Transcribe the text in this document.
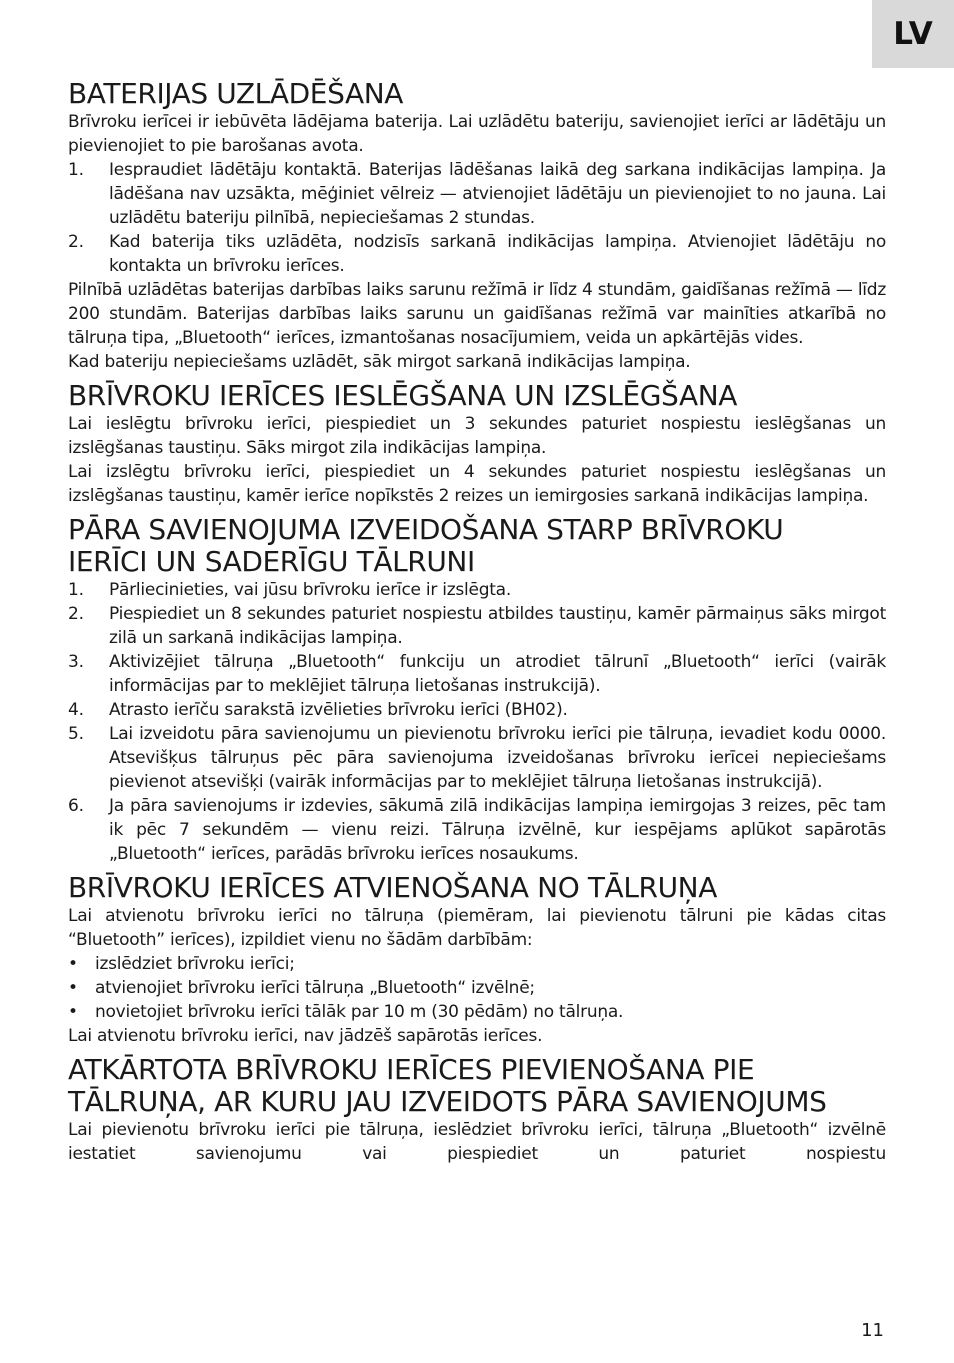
LV
BATERIJAS UZLĀDĒŠANA

Brīvroku ierīcei ir iebūvēta lādējama baterija. Lai uzlādētu bateriju, savienojiet ierīci ar lādētāju un pievienojiet to pie barošanas avota.

1. Iespraudiet lādētāju kontaktā. Baterijas lādēšanas laikā deg sarkana indikācijas lampiņa. Ja lādēšana nav uzsākta, mēģiniet vēlreiz — atvienojiet lādētāju un pievienojiet to no jauna. Lai uzlādētu bateriju pilnībā, nepieciešamas 2 stundas.
2. Kad baterija tiks uzlādēta, nodzisīs sarkanā indikācijas lampiņa. Atvienojiet lādētāju no kontakta un brīvroku ierīces.

Pilnībā uzlādētas baterijas darbības laiks sarunu režīmā ir līdz 4 stundām, gaidīšanas režīmā — līdz 200 stundām. Baterijas darbības laiks sarunu un gaidīšanas režīmā var mainīties atkarībā no tālruņa tipa, „Bluetooth“ ierīces, izmantošanas nosacījumiem, veida un apkārtējās vides.

Kad bateriju nepieciešams uzlādēt, sāk mirgot sarkanā indikācijas lampiņa.

BRĪVROKU IERĪCES IESLĒGŠANA UN IZSLĒGŠANA

Lai ieslēgtu brīvroku ierīci, piespiediet un 3 sekundes paturiet nospiestu ieslēgšanas un izslēgšanas taustiņu. Sāks mirgot zila indikācijas lampiņa.

Lai izslēgtu brīvroku ierīci, piespiediet un 4 sekundes paturiet nospiestu ieslēgšanas un izslēgšanas taustiņu, kamēr ierīce nopīkstēs 2 reizes un iemirgosies sarkanā indikācijas lampiņa.

PĀRA SAVIENOJUMA IZVEIDOŠANA STARP BRĪVROKU
IERĪCI UN SADERĪGU TĀLRUNI
1. Pārliecinieties, vai jūsu brīvroku ierīce ir izslēgta.
2. Piespiediet un 8 sekundes paturiet nospiestu atbildes taustiņu, kamēr pārmaiņus sāks mirgot zilā un sarkanā indikācijas lampiņa.
3. Aktivizējiet tālruņa „Bluetooth“ funkciju un atrodiet tālrunī „Bluetooth“ ierīci (vairāk informācijas par to meklējiet tālruņa lietošanas instrukcijā).
4. Atrasto ierīču sarakstā izvēlieties brīvroku ierīci (BH02).
5. Lai izveidotu pāra savienojumu un pievienotu brīvroku ierīci pie tālruņa, ievadiet kodu 0000. Atsevišķus tālruņus pēc pāra savienojuma izveidošanas brīvroku ierīcei nepieciešams pievienot atsevišķi (vairāk informācijas par to meklējiet tālruņa lietošanas instrukcijā).
6. Ja pāra savienojums ir izdevies, sākumā zilā indikācijas lampiņa iemirgojas 3 reizes, pēc tam ik pēc 7 sekundēm — vienu reizi. Tālruņa izvēlnē, kur iespējams aplūkot sapārotās „Bluetooth“ ierīces, parādās brīvroku ierīces nosaukums.
BRĪVROKU IERĪCES ATVIENOŠANA NO TĀLRUŅA

Lai atvienotu brīvroku ierīci no tālruņa (piemēram, lai pievienotu tālruni pie kādas citas “Bluetooth” ierīces), izpildiet vienu no šādām darbībām:

• izslēdziet brīvroku ierīci;
• atvienojiet brīvroku ierīci tālruņa „Bluetooth“ izvēlnē;
• novietojiet brīvroku ierīci tālāk par 10 m (30 pēdām) no tālruņa.

Lai atvienotu brīvroku ierīci, nav jādzēš sapārotās ierīces.

ATKĀRTOTA BRĪVROKU IERĪCES PIEVIENOŠANA PIE
TĀLRUŅA, AR KURU JAU IZVEIDOTS PĀRA SAVIENOJUMS

Lai pievienotu brīvroku ierīci pie tālruņa, ieslēdziet brīvroku ierīci, tālruņa „Bluetooth“ izvēlnē iestatiet savienojumu vai piespiediet un paturiet nospiestu

11
